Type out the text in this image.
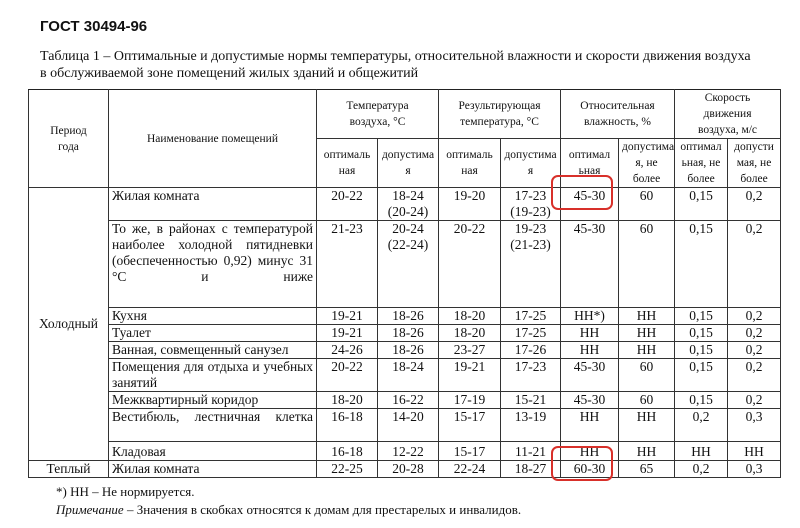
ГОСТ 30494-96
Таблица 1 – Оптимальные и допустимые нормы температуры, относительной влажности и скорости движения воздуха
в обслуживаемой зоне помещений жилых зданий и общежитий
Период года	Наименование помещений	Температура воздуха, °С		Результирующая температура, °С		Относительная влажность, %		Скорость движения воздуха, м/с	
		оптималь ная	допустима я	оптималь ная	допустима я	оптимал ьная	допустима я, не более	оптимал ьная, не более	допусти мая, не более
Холодный	Жилая комната	20-22	18-24 (20-24)	19-20	17-23 (19-23)	45-30	60	0,15	0,2
	То же, в районах с температурой наиболее холодной пятидневки (обеспеченностью 0,92) минус 31 °С и ниже	21-23	20-24 (22-24)	20-22	19-23 (21-23)	45-30	60	0,15	0,2
	Кухня	19-21	18-26	18-20	17-25	НН*)	НН	0,15	0,2
	Туалет	19-21	18-26	18-20	17-25	НН	НН	0,15	0,2
	Ванная, совмещенный санузел	24-26	18-26	23-27	17-26	НН	НН	0,15	0,2
	Помещения для отдыха и учебных занятий	20-22	18-24	19-21	17-23	45-30	60	0,15	0,2
	Межквартирный коридор	18-20	16-22	17-19	15-21	45-30	60	0,15	0,2
	Вестибюль, лестничная клетка	16-18	14-20	15-17	13-19	НН	НН	0,2	0,3
	Кладовая	16-18	12-22	15-17	11-21	НН	НН	НН	НН
Теплый	Жилая комната	22-25	20-28	22-24	18-27	60-30	65	0,2	0,3
*) НН – Не нормируется.
Примечание – Значения в скобках относятся к домам для престарелых и инвалидов.
